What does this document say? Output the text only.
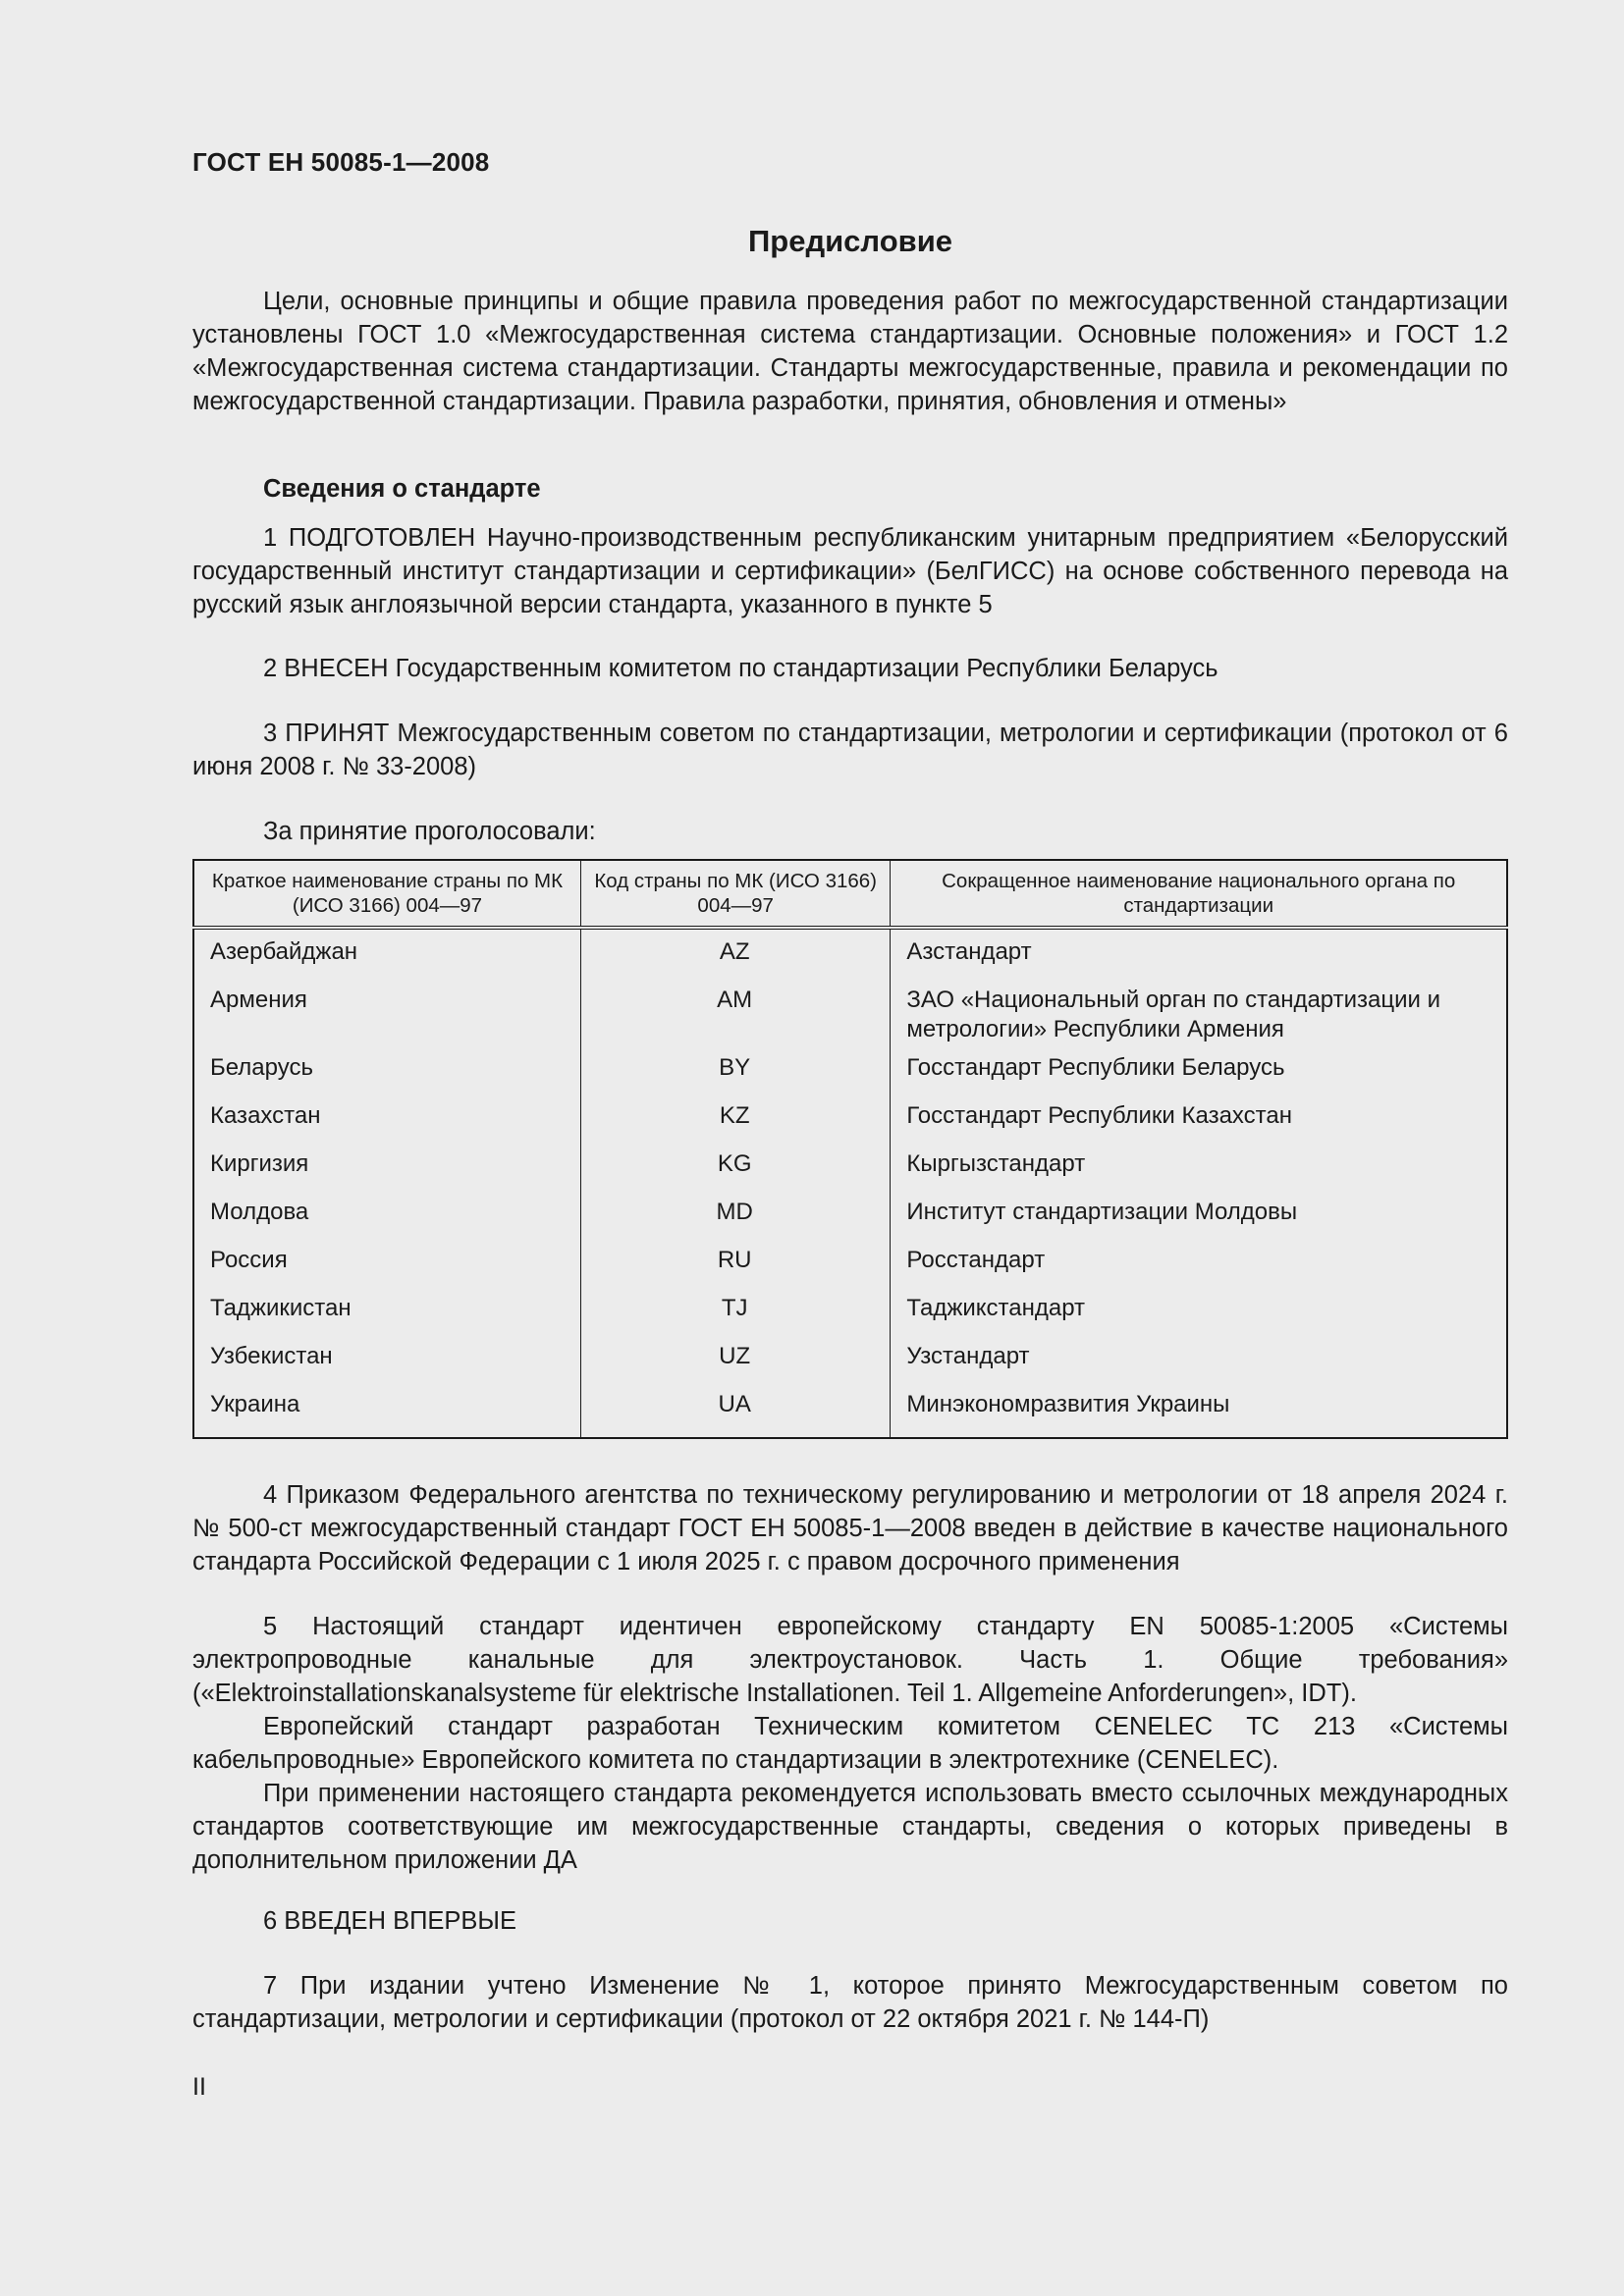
ГОСТ ЕН 50085-1—2008
Предисловие
Цели, основные принципы и общие правила проведения работ по межгосударственной стандартизации установлены ГОСТ 1.0 «Межгосударственная система стандартизации. Основные положения» и ГОСТ 1.2 «Межгосударственная система стандартизации. Стандарты межгосударственные, правила и рекомендации по межгосударственной стандартизации. Правила разработки, принятия, обновления и отмены»
Сведения о стандарте
1 ПОДГОТОВЛЕН Научно-производственным республиканским унитарным предприятием «Белорусский государственный институт стандартизации и сертификации» (БелГИСС) на основе собственного перевода на русский язык англоязычной версии стандарта, указанного в пункте 5
2 ВНЕСЕН Государственным комитетом по стандартизации Республики Беларусь
3 ПРИНЯТ Межгосударственным советом по стандартизации, метрологии и сертификации (протокол от 6 июня 2008 г. № 33-2008)
За принятие проголосовали:
Краткое наименование страны по МК (ИСО 3166) 004—97	Код страны по МК (ИСО 3166) 004—97	Сокращенное наименование национального органа по стандартизации
Азербайджан	AZ	Азстандарт
Армения	AM	ЗАО «Национальный орган по стандартизации и метрологии» Республики Армения
Беларусь	BY	Госстандарт Республики Беларусь
Казахстан	KZ	Госстандарт Республики Казахстан
Киргизия	KG	Кыргызстандарт
Молдова	MD	Институт стандартизации Молдовы
Россия	RU	Росстандарт
Таджикистан	TJ	Таджикстандарт
Узбекистан	UZ	Узстандарт
Украина	UA	Минэкономразвития Украины
4 Приказом Федерального агентства по техническому регулированию и метрологии от 18 апреля 2024 г. № 500-ст межгосударственный стандарт ГОСТ ЕН 50085-1—2008 введен в действие в качестве национального стандарта Российской Федерации с 1 июля 2025 г. с правом досрочного применения

5 Настоящий стандарт идентичен европейскому стандарту EN 50085-1:2005 «Системы электропроводные канальные для электроустановок. Часть 1. Общие требования» («Elektroinstallationskanalsysteme für elektrische Installationen. Teil 1. Allgemeine Anforderungen», IDT).

Европейский стандарт разработан Техническим комитетом CENELEC TC 213 «Системы кабельпроводные» Европейского комитета по стандартизации в электротехнике (CENELEC).

При применении настоящего стандарта рекомендуется использовать вместо ссылочных международных стандартов соответствующие им межгосударственные стандарты, сведения о которых приведены в дополнительном приложении ДА

6 ВВЕДЕН ВПЕРВЫЕ
7 При издании учтено Изменение № 1, которое принято Межгосударственным советом по стандартизации, метрологии и сертификации (протокол от 22 октября 2021 г. № 144-П)
II
